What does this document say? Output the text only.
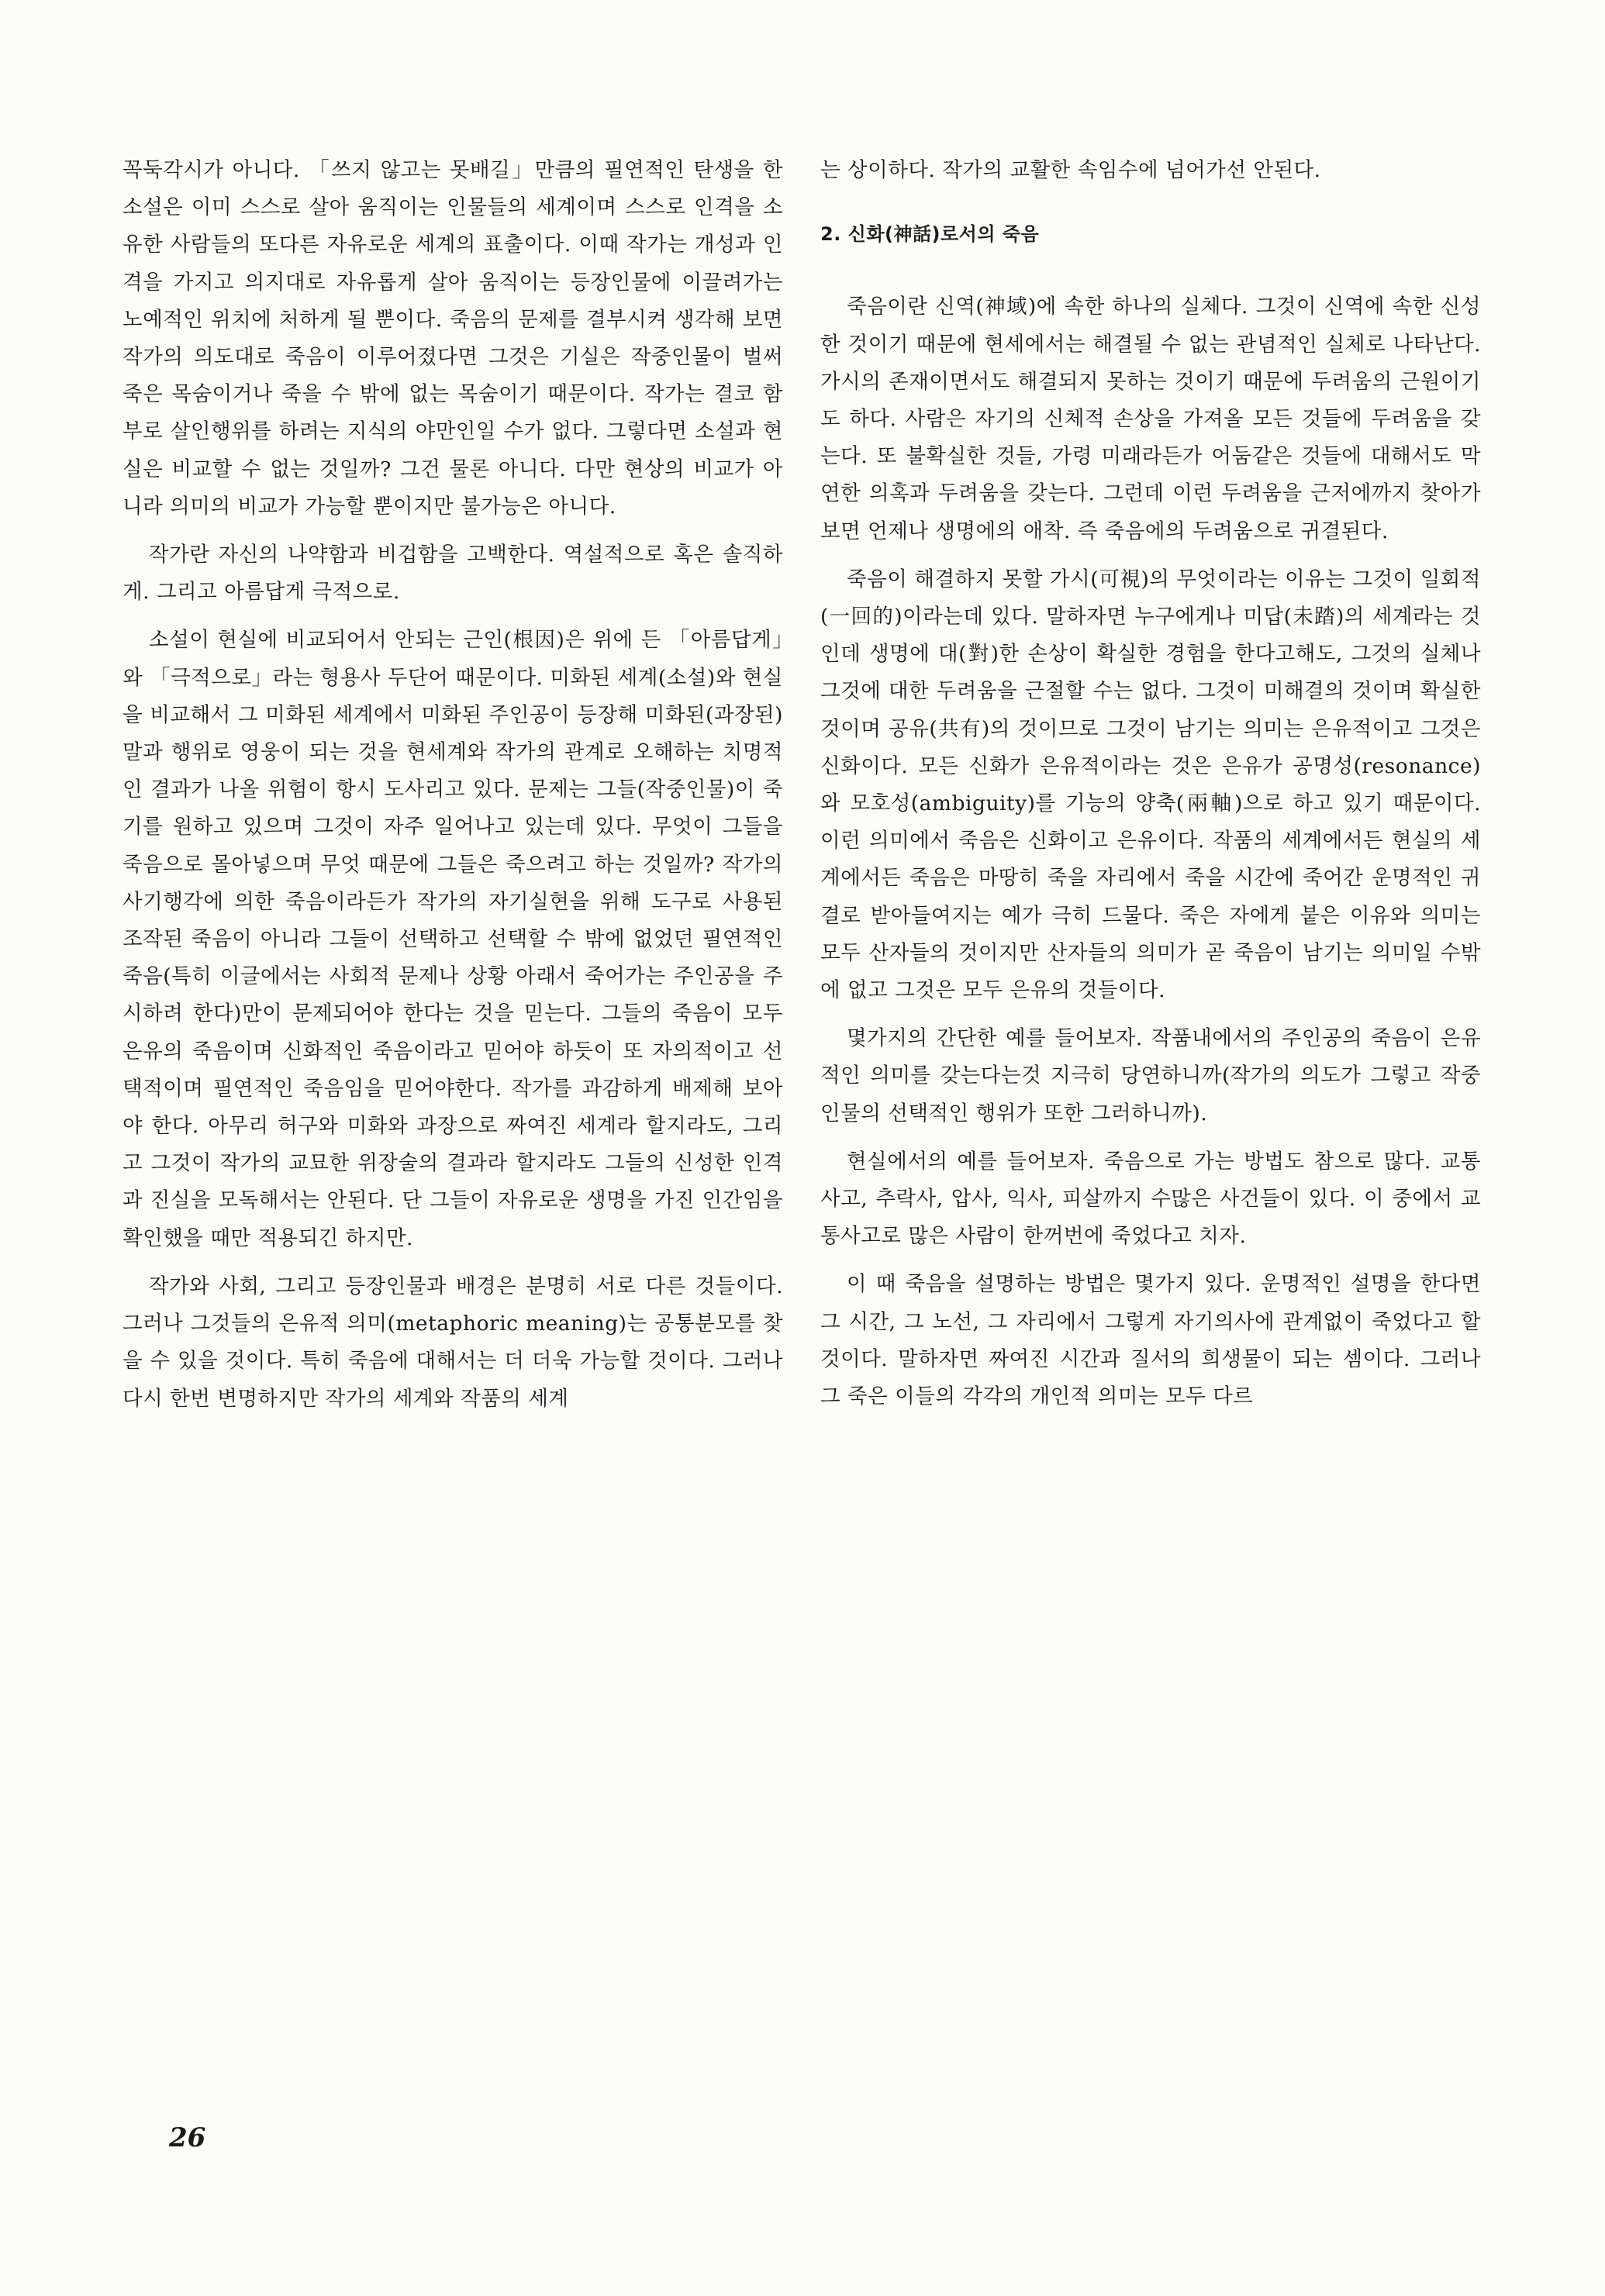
꼭둑각시가 아니다. 「쓰지 않고는 못배길」만큼의 필연적인 탄생을 한 소설은 이미 스스로 살아 움직이는 인물들의 세계이며 스스로 인격을 소유한 사람들의 또다른 자유로운 세계의 표출이다. 이때 작가는 개성과 인격을 가지고 의지대로 자유롭게 살아 움직이는 등장인물에 이끌려가는 노예적인 위치에 처하게 될 뿐이다. 죽음의 문제를 결부시켜 생각해 보면 작가의 의도대로 죽음이 이루어졌다면 그것은 기실은 작중인물이 벌써 죽은 목숨이거나 죽을 수 밖에 없는 목숨이기 때문이다. 작가는 결코 함부로 살인행위를 하려는 지식의 야만인일 수가 없다. 그렇다면 소설과 현실은 비교할 수 없는 것일까? 그건 물론 아니다. 다만 현상의 비교가 아니라 의미의 비교가 가능할 뿐이지만 불가능은 아니다.

작가란 자신의 나약함과 비겁함을 고백한다. 역설적으로 혹은 솔직하게. 그리고 아름답게 극적으로.

소설이 현실에 비교되어서 안되는 근인(根因)은 위에 든 「아름답게」와 「극적으로」라는 형용사 두단어 때문이다. 미화된 세계(소설)와 현실을 비교해서 그 미화된 세계에서 미화된 주인공이 등장해 미화된(과장된)말과 행위로 영웅이 되는 것을 현세계와 작가의 관계로 오해하는 치명적인 결과가 나올 위험이 항시 도사리고 있다. 문제는 그들(작중인물)이 죽기를 원하고 있으며 그것이 자주 일어나고 있는데 있다. 무엇이 그들을 죽음으로 몰아넣으며 무엇 때문에 그들은 죽으려고 하는 것일까? 작가의 사기행각에 의한 죽음이라든가 작가의 자기실현을 위해 도구로 사용된 조작된 죽음이 아니라 그들이 선택하고 선택할 수 밖에 없었던 필연적인 죽음(특히 이글에서는 사회적 문제나 상황 아래서 죽어가는 주인공을 주시하려 한다)만이 문제되어야 한다는 것을 믿는다. 그들의 죽음이 모두 은유의 죽음이며 신화적인 죽음이라고 믿어야 하듯이 또 자의적이고 선택적이며 필연적인 죽음임을 믿어야한다. 작가를 과감하게 배제해 보아야 한다. 아무리 허구와 미화와 과장으로 짜여진 세계라 할지라도, 그리고 그것이 작가의 교묘한 위장술의 결과라 할지라도 그들의 신성한 인격과 진실을 모독해서는 안된다. 단 그들이 자유로운 생명을 가진 인간임을 확인했을 때만 적용되긴 하지만.

작가와 사회, 그리고 등장인물과 배경은 분명히 서로 다른 것들이다. 그러나 그것들의 은유적 의미(metaphoric meaning)는 공통분모를 찾을 수 있을 것이다. 특히 죽음에 대해서는 더 더욱 가능할 것이다. 그러나 다시 한번 변명하지만 작가의 세계와 작품의 세계

는 상이하다. 작가의 교활한 속임수에 넘어가선 안된다.

2. 신화(神話)로서의 죽음

죽음이란 신역(神域)에 속한 하나의 실체다. 그것이 신역에 속한 신성한 것이기 때문에 현세에서는 해결될 수 없는 관념적인 실체로 나타난다. 가시의 존재이면서도 해결되지 못하는 것이기 때문에 두려움의 근원이기도 하다. 사람은 자기의 신체적 손상을 가져올 모든 것들에 두려움을 갖는다. 또 불확실한 것들, 가령 미래라든가 어둠같은 것들에 대해서도 막연한 의혹과 두려움을 갖는다. 그런데 이런 두려움을 근저에까지 찾아가 보면 언제나 생명에의 애착. 즉 죽음에의 두려움으로 귀결된다.

죽음이 해결하지 못할 가시(可視)의 무엇이라는 이유는 그것이 일회적(一回的)이라는데 있다. 말하자면 누구에게나 미답(未踏)의 세계라는 것인데 생명에 대(對)한 손상이 확실한 경험을 한다고해도, 그것의 실체나 그것에 대한 두려움을 근절할 수는 없다. 그것이 미해결의 것이며 확실한 것이며 공유(共有)의 것이므로 그것이 남기는 의미는 은유적이고 그것은 신화이다. 모든 신화가 은유적이라는 것은 은유가 공명성(resonance)와 모호성(ambiguity)를 기능의 양축(兩軸)으로 하고 있기 때문이다. 이런 의미에서 죽음은 신화이고 은유이다. 작품의 세계에서든 현실의 세계에서든 죽음은 마땅히 죽을 자리에서 죽을 시간에 죽어간 운명적인 귀결로 받아들여지는 예가 극히 드물다. 죽은 자에게 붙은 이유와 의미는 모두 산자들의 것이지만 산자들의 의미가 곧 죽음이 남기는 의미일 수밖에 없고 그것은 모두 은유의 것들이다.

몇가지의 간단한 예를 들어보자. 작품내에서의 주인공의 죽음이 은유적인 의미를 갖는다는것 지극히 당연하니까(작가의 의도가 그렇고 작중인물의 선택적인 행위가 또한 그러하니까).

현실에서의 예를 들어보자. 죽음으로 가는 방법도 참으로 많다. 교통사고, 추락사, 압사, 익사, 피살까지 수많은 사건들이 있다. 이 중에서 교통사고로 많은 사람이 한꺼번에 죽었다고 치자.

이 때 죽음을 설명하는 방법은 몇가지 있다. 운명적인 설명을 한다면 그 시간, 그 노선, 그 자리에서 그렇게 자기의사에 관계없이 죽었다고 할 것이다. 말하자면 짜여진 시간과 질서의 희생물이 되는 셈이다. 그러나 그 죽은 이들의 각각의 개인적 의미는 모두 다르

26
